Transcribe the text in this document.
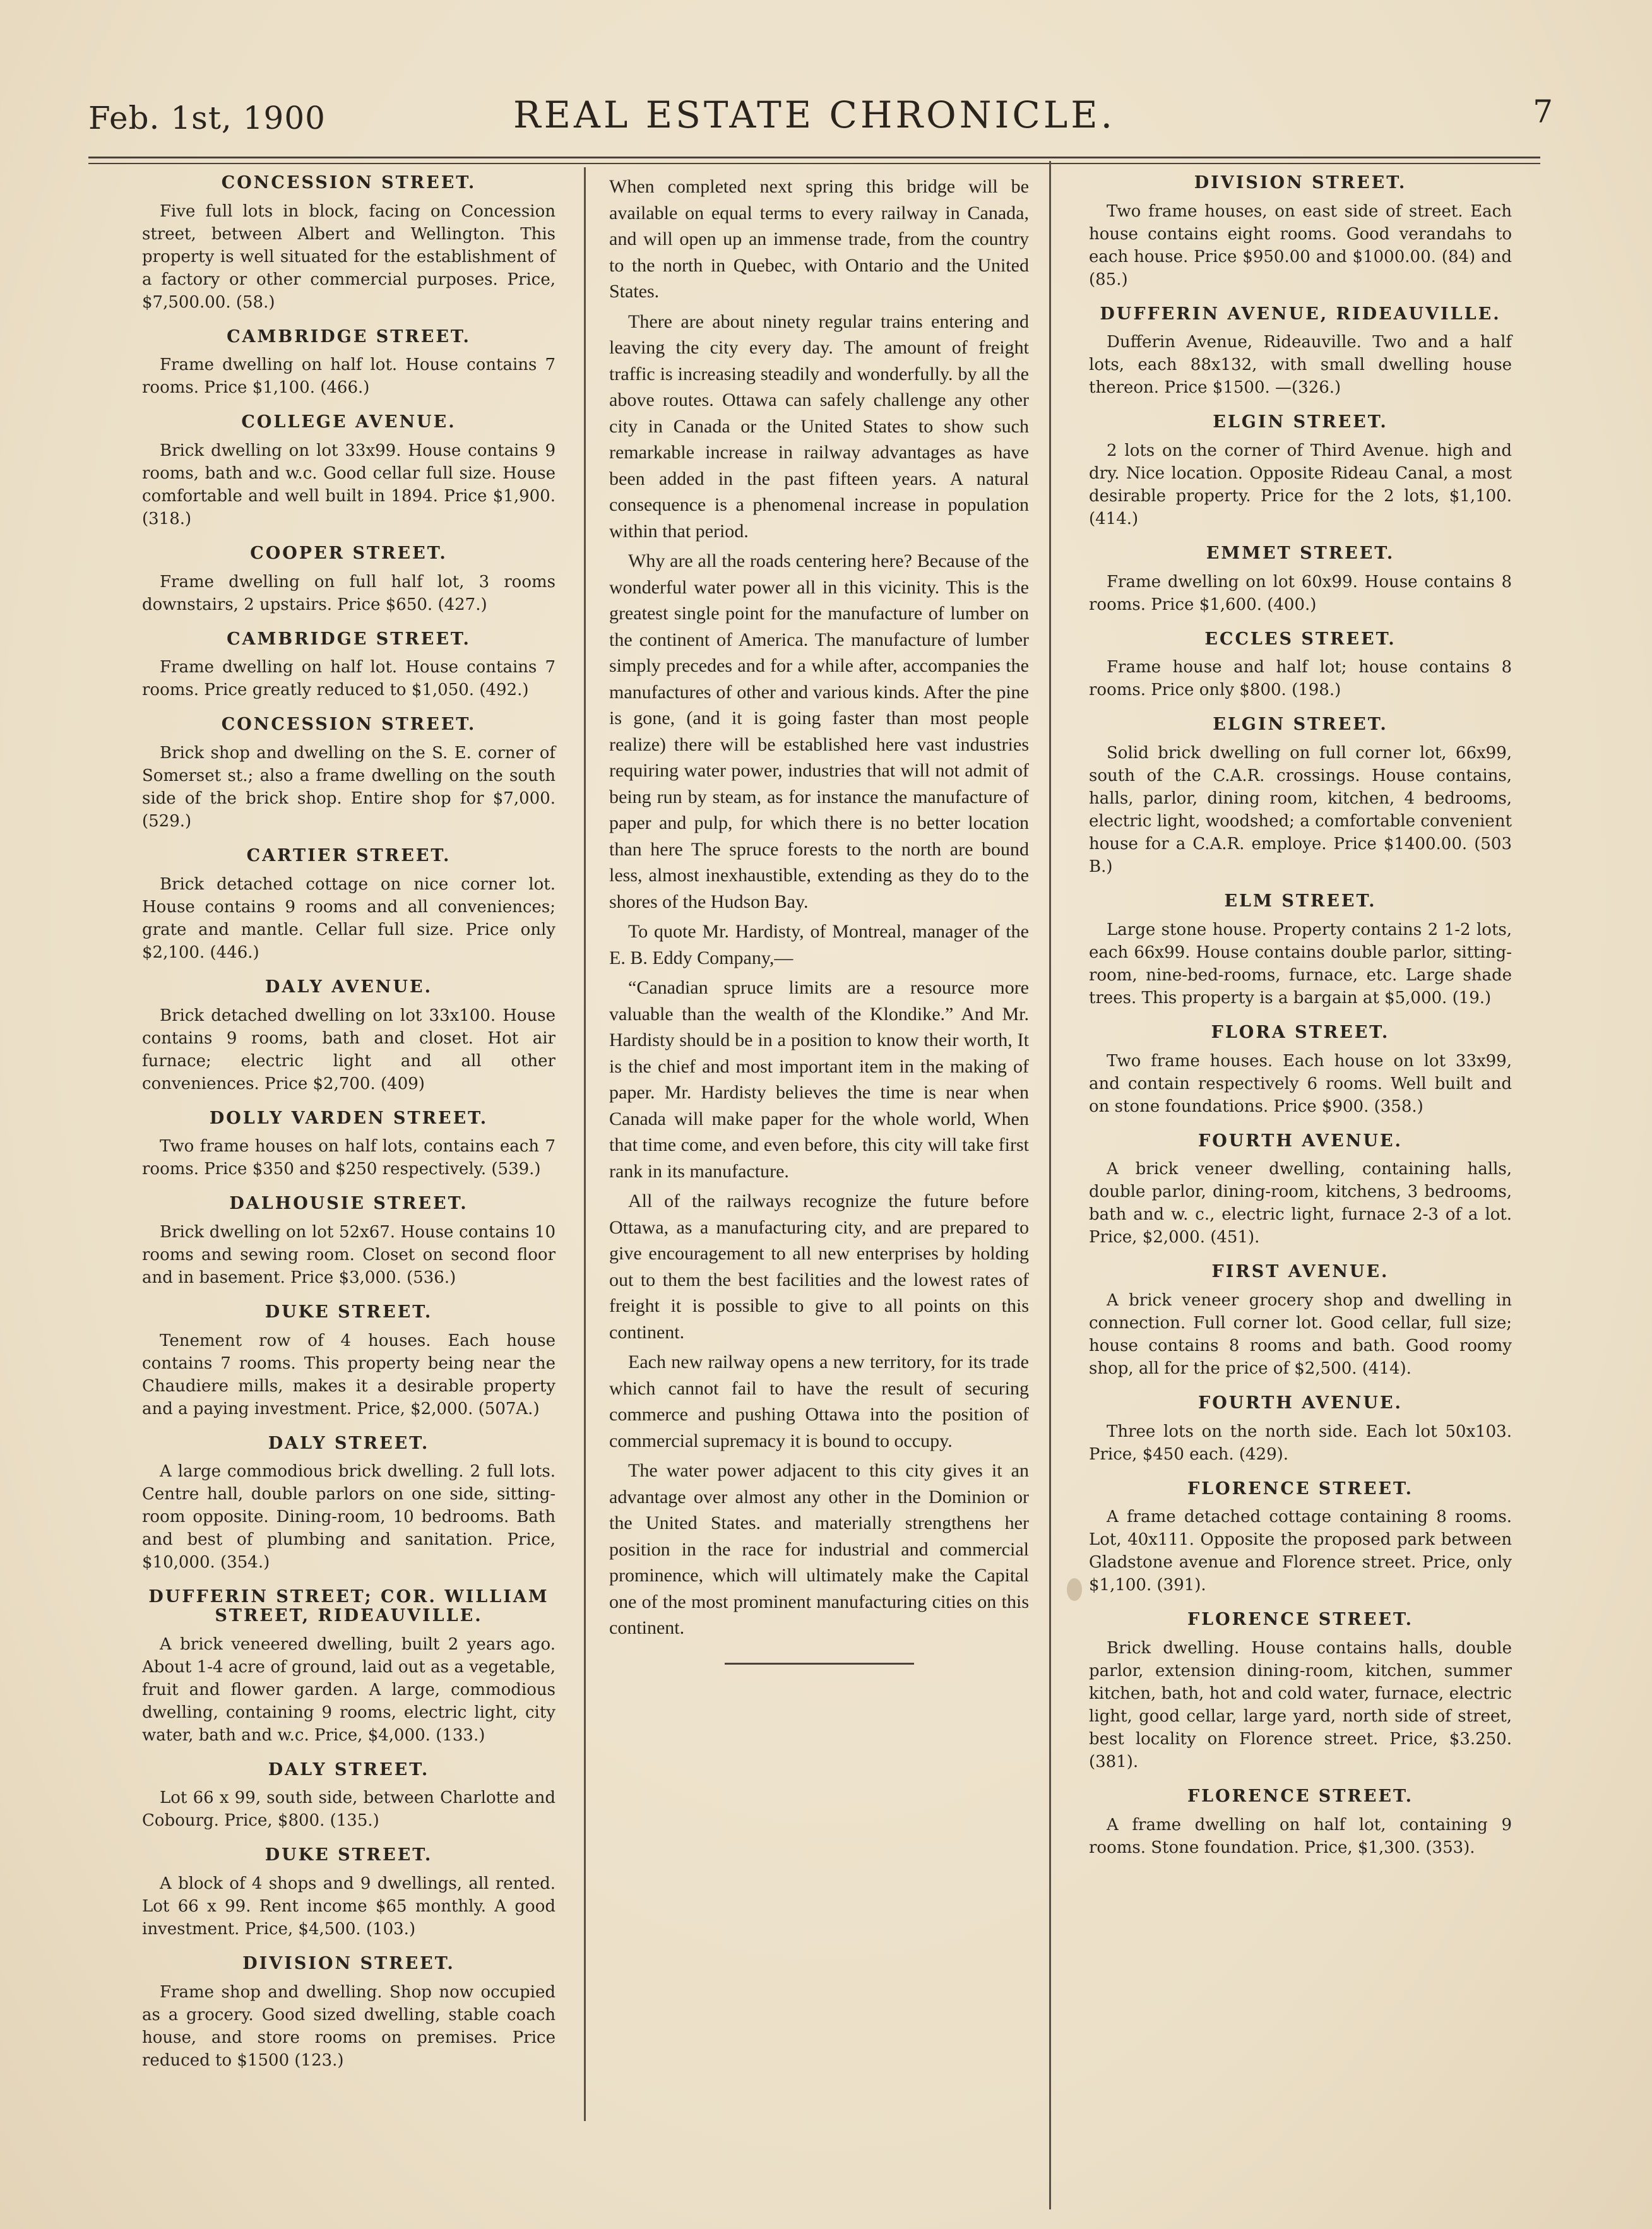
Feb. 1st, 1900	REAL ESTATE CHRONICLE.	7
CONCESSION STREET.

Five full lots in block, facing on Concession street, between Albert and Wellington. This property is well situated for the establishment of a factory or other commercial purposes. Price, $7,500.00. (58.)

CAMBRIDGE STREET.

Frame dwelling on half lot. House contains 7 rooms. Price $1,100. (466.)

COLLEGE AVENUE.

Brick dwelling on lot 33x99. House contains 9 rooms, bath and w.c. Good cellar full size. House comfortable and well built in 1894. Price $1,900. (318.)

COOPER STREET.

Frame dwelling on full half lot, 3 rooms downstairs, 2 upstairs. Price $650. (427.)

CAMBRIDGE STREET.

Frame dwelling on half lot. House contains 7 rooms. Price greatly reduced to $1,050. (492.)

CONCESSION STREET.

Brick shop and dwelling on the S. E. corner of Somerset st.; also a frame dwelling on the south side of the brick shop. Entire shop for $7,000. (529.)

CARTIER STREET.

Brick detached cottage on nice corner lot. House contains 9 rooms and all conveniences; grate and mantle. Cellar full size. Price only $2,100. (446.)

DALY AVENUE.

Brick detached dwelling on lot 33x100. House contains 9 rooms, bath and closet. Hot air furnace; electric light and all other conveniences. Price $2,700. (409)

DOLLY VARDEN STREET.

Two frame houses on half lots, contains each 7 rooms. Price $350 and $250 respectively. (539.)

DALHOUSIE STREET.

Brick dwelling on lot 52x67. House contains 10 rooms and sewing room. Closet on second floor and in basement. Price $3,000. (536.)

DUKE STREET.

Tenement row of 4 houses. Each house contains 7 rooms. This property being near the Chaudiere mills, makes it a desirable property and a paying investment. Price, $2,000. (507A.)

DALY STREET.

A large commodious brick dwelling. 2 full lots. Centre hall, double parlors on one side, sitting-room opposite. Dining-room, 10 bedrooms. Bath and best of plumbing and sanitation. Price, $10,000. (354.)

DUFFERIN STREET; COR. WILLIAM STREET, RIDEAUVILLE.

A brick veneered dwelling, built 2 years ago. About 1-4 acre of ground, laid out as a vegetable, fruit and flower garden. A large, commodious dwelling, containing 9 rooms, electric light, city water, bath and w.c. Price, $4,000. (133.)

DALY STREET.

Lot 66 x 99, south side, between Charlotte and Cobourg. Price, $800. (135.)

DUKE STREET.

A block of 4 shops and 9 dwellings, all rented. Lot 66 x 99. Rent income $65 monthly. A good investment. Price, $4,500. (103.)

DIVISION STREET.

Frame shop and dwelling. Shop now occupied as a grocery. Good sized dwelling, stable coach house, and store rooms on premises. Price reduced to $1500 (123.)

When completed next spring this bridge will be available on equal terms to every railway in Canada, and will open up an immense trade, from the country to the north in Quebec, with Ontario and the United States.

There are about ninety regular trains entering and leaving the city every day. The amount of freight traffic is increasing steadily and wonderfully. by all the above routes. Ottawa can safely challenge any other city in Canada or the United States to show such remarkable increase in railway advantages as have been added in the past fifteen years. A natural consequence is a phenomenal increase in population within that period.

Why are all the roads centering here? Because of the wonderful water power all in this vicinity. This is the greatest single point for the manufacture of lumber on the continent of America. The manufacture of lumber simply precedes and for a while after, accompanies the manufactures of other and various kinds. After the pine is gone, (and it is going faster than most people realize) there will be established here vast industries requiring water power, industries that will not admit of being run by steam, as for instance the manufacture of paper and pulp, for which there is no better location than here The spruce forests to the north are bound less, almost inexhaustible, extending as they do to the shores of the Hudson Bay.

To quote Mr. Hardisty, of Montreal, manager of the E. B. Eddy Company,—

“Canadian spruce limits are a resource more valuable than the wealth of the Klondike.” And Mr. Hardisty should be in a position to know their worth, It is the chief and most important item in the making of paper. Mr. Hardisty believes the time is near when Canada will make paper for the whole world, When that time come, and even before, this city will take first rank in its manufacture.

All of the railways recognize the future before Ottawa, as a manufacturing city, and are prepared to give encouragement to all new enterprises by holding out to them the best facilities and the lowest rates of freight it is possible to give to all points on this continent.

Each new railway opens a new territory, for its trade which cannot fail to have the result of securing commerce and pushing Ottawa into the position of commercial supremacy it is bound to occupy.

The water power adjacent to this city gives it an advantage over almost any other in the Dominion or the United States. and materially strengthens her position in the race for industrial and commercial prominence, which will ultimately make the Capital one of the most prominent manufacturing cities on this continent.

DIVISION STREET.

Two frame houses, on east side of street. Each house contains eight rooms. Good verandahs to each house. Price $950.00 and $1000.00. (84) and (85.)

DUFFERIN AVENUE, RIDEAUVILLE.

Dufferin Avenue, Rideauville. Two and a half lots, each 88x132, with small dwelling house thereon. Price $1500. —(326.)

ELGIN STREET.

2 lots on the corner of Third Avenue. high and dry. Nice location. Opposite Rideau Canal, a most desirable property. Price for the 2 lots, $1,100. (414.)

EMMET STREET.

Frame dwelling on lot 60x99. House contains 8 rooms. Price $1,600. (400.)

ECCLES STREET.

Frame house and half lot; house contains 8 rooms. Price only $800. (198.)

ELGIN STREET.

Solid brick dwelling on full corner lot, 66x99, south of the C.A.R. crossings. House contains, halls, parlor, dining room, kitchen, 4 bedrooms, electric light, woodshed; a comfortable convenient house for a C.A.R. employe. Price $1400.00. (503 B.)

ELM STREET.

Large stone house. Property contains 2 1-2 lots, each 66x99. House contains double parlor, sitting-room, nine-bed-rooms, furnace, etc. Large shade trees. This property is a bargain at $5,000. (19.)

FLORA STREET.

Two frame houses. Each house on lot 33x99, and contain respectively 6 rooms. Well built and on stone foundations. Price $900. (358.)

FOURTH AVENUE.

A brick veneer dwelling, containing halls, double parlor, dining-room, kitchens, 3 bedrooms, bath and w. c., electric light, furnace 2-3 of a lot. Price, $2,000. (451).

FIRST AVENUE.

A brick veneer grocery shop and dwelling in connection. Full corner lot. Good cellar, full size; house contains 8 rooms and bath. Good roomy shop, all for the price of $2,500. (414).

FOURTH AVENUE.

Three lots on the north side. Each lot 50x103. Price, $450 each. (429).

FLORENCE STREET.

A frame detached cottage containing 8 rooms. Lot, 40x111. Opposite the proposed park between Gladstone avenue and Florence street. Price, only $1,100. (391).

FLORENCE STREET.

Brick dwelling. House contains halls, double parlor, extension dining-room, kitchen, summer kitchen, bath, hot and cold water, furnace, electric light, good cellar, large yard, north side of street, best locality on Florence street. Price, $3.250. (381).

FLORENCE STREET.

A frame dwelling on half lot, containing 9 rooms. Stone foundation. Price, $1,300. (353).
